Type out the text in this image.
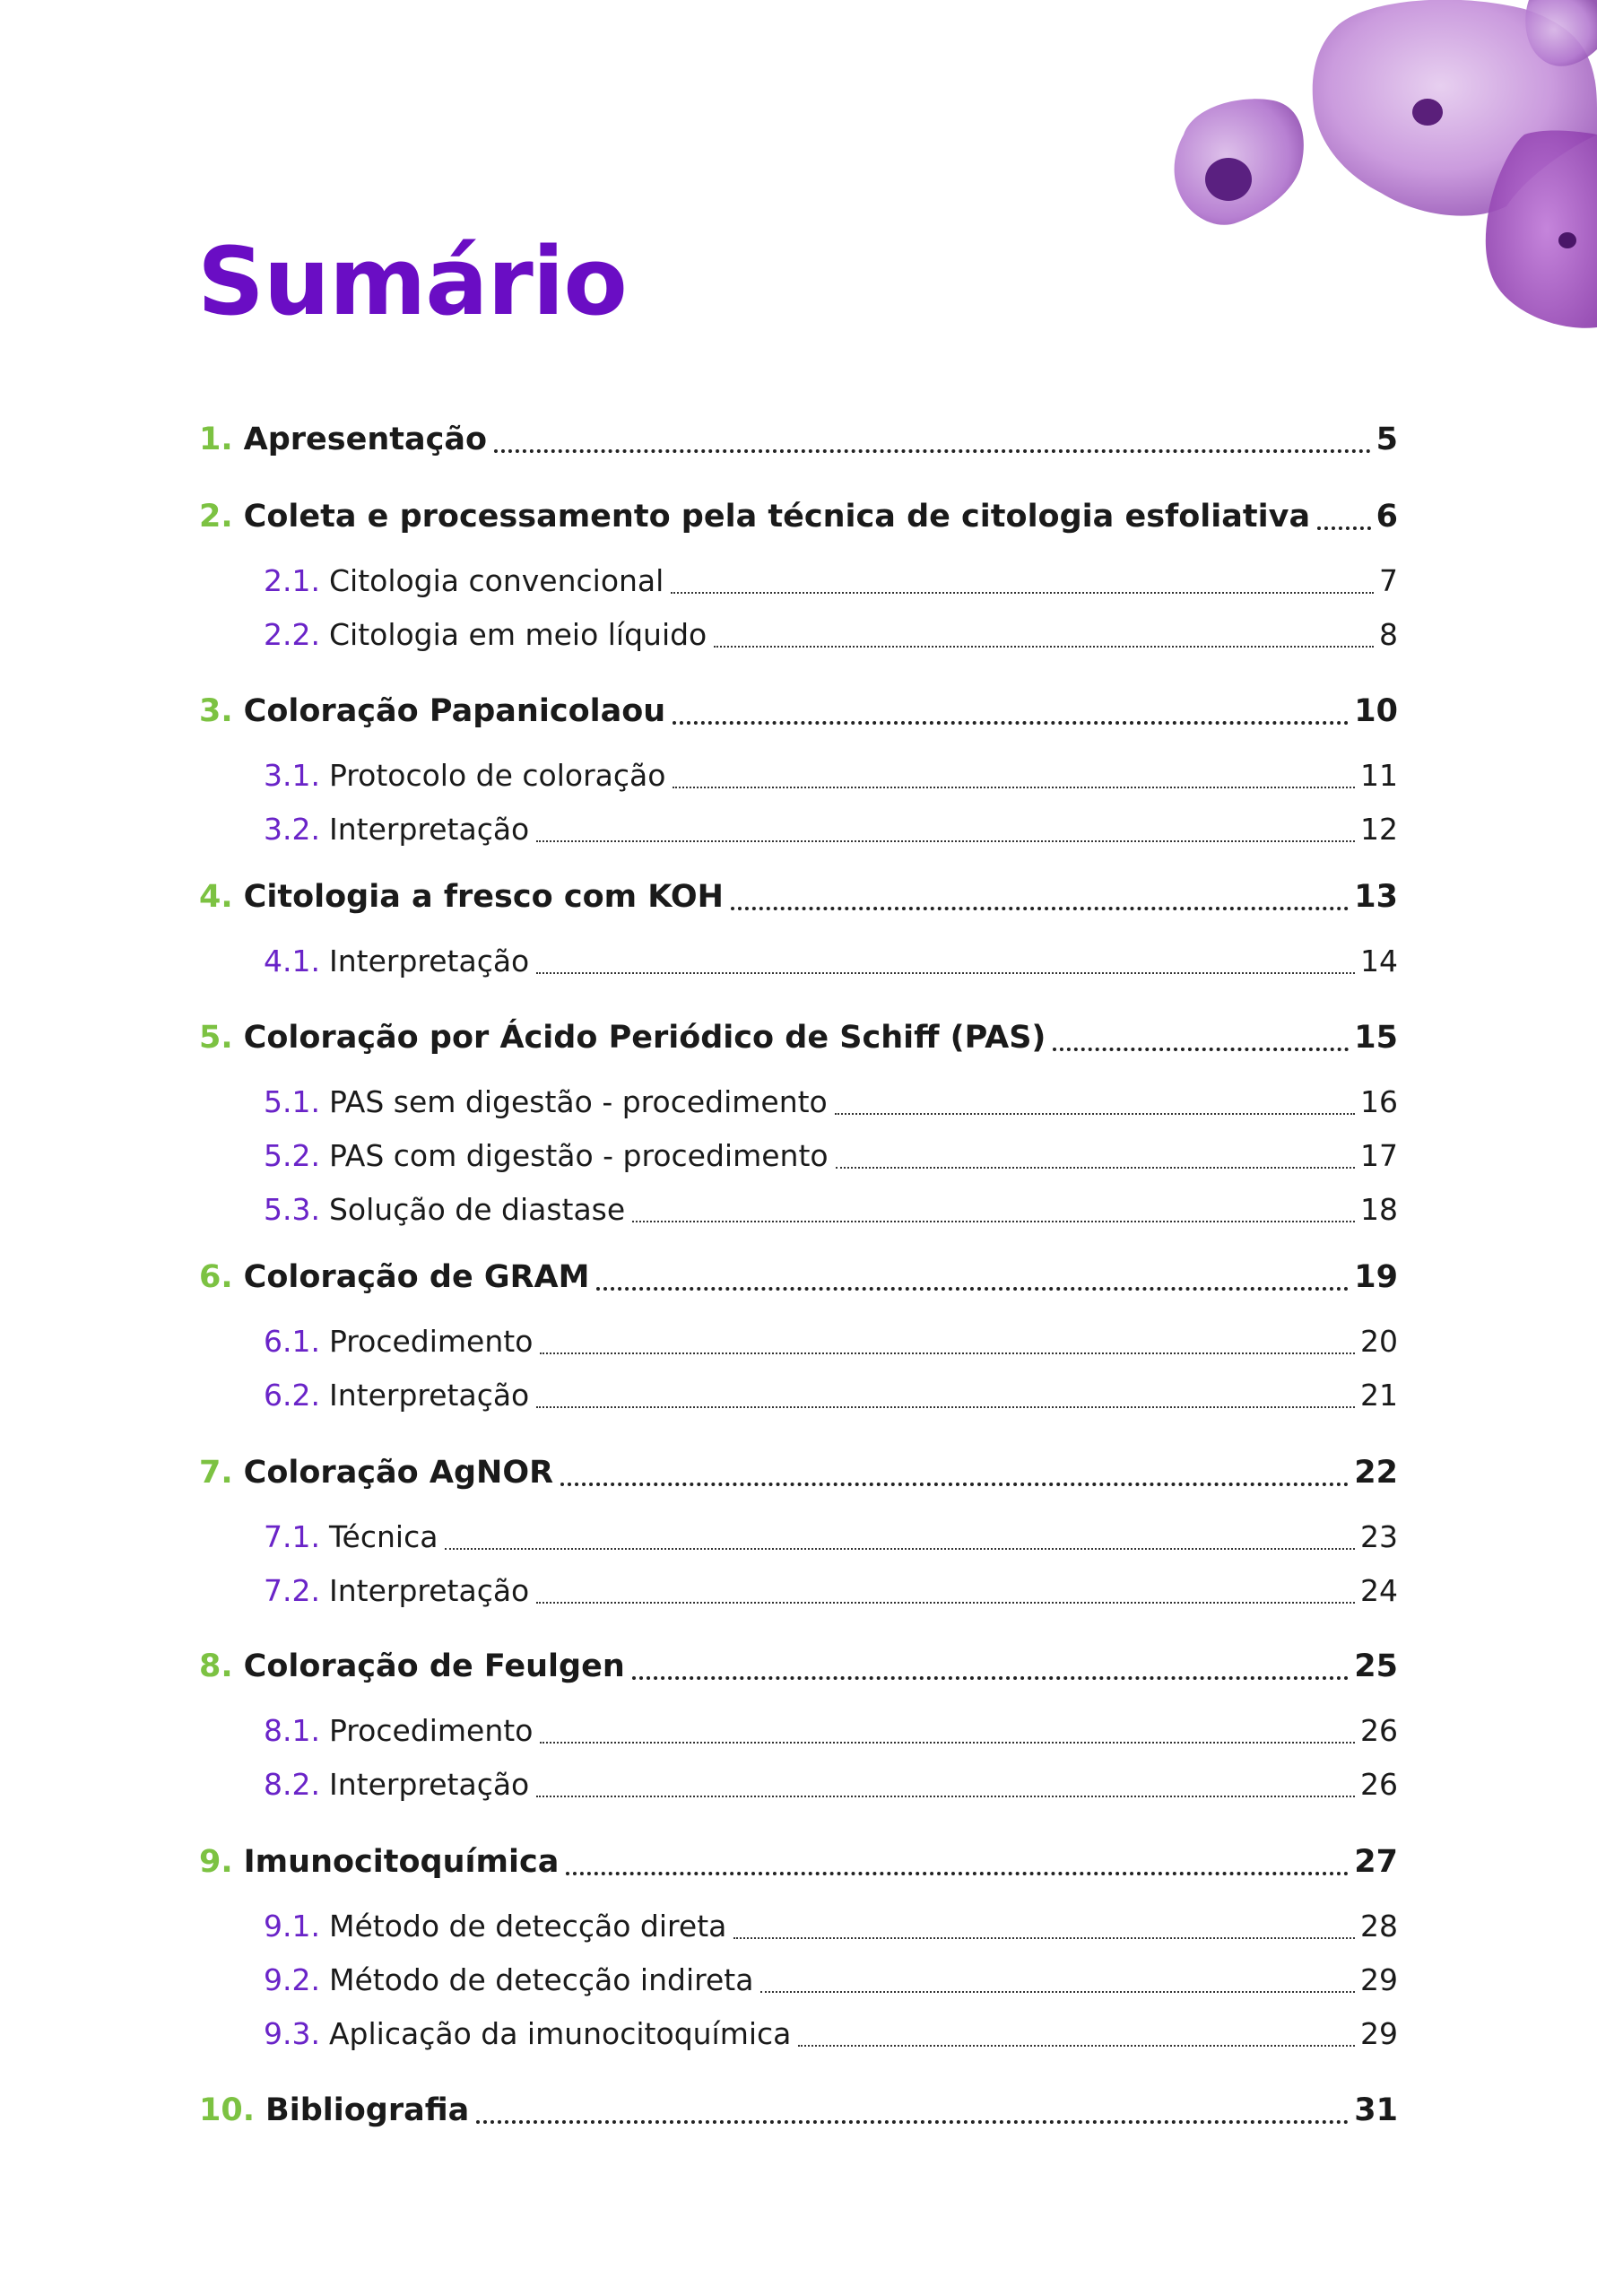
Sumário
1. Apresentação	5
2. Coleta e processamento pela técnica de citologia esfoliativa 6
2.1. Citologia convencional	7
2.2. Citologia em meio líquido	8
3. Coloração Papanicolaou	10
3.1. Protocolo de coloração	11
3.2. Interpretação	12
4. Citologia a fresco com KOH	13
4.1. Interpretação	14
5. Coloração por Ácido Periódico de Schiff (PAS)	15
5.1. PAS sem digestão - procedimento	16
5.2. PAS com digestão - procedimento	17
5.3. Solução de diastase	18
6. Coloração de GRAM	19
6.1. Procedimento	20
6.2. Interpretação	21
7. Coloração AgNOR	22
7.1. Técnica	23
7.2. Interpretação	24
8. Coloração de Feulgen	25
8.1. Procedimento	26
8.2. Interpretação	26
9. Imunocitoquímica	27
9.1. Método de detecção direta	28
9.2. Método de detecção indireta	29
9.3. Aplicação da imunocitoquímica	29
10. Bibliografia	31
